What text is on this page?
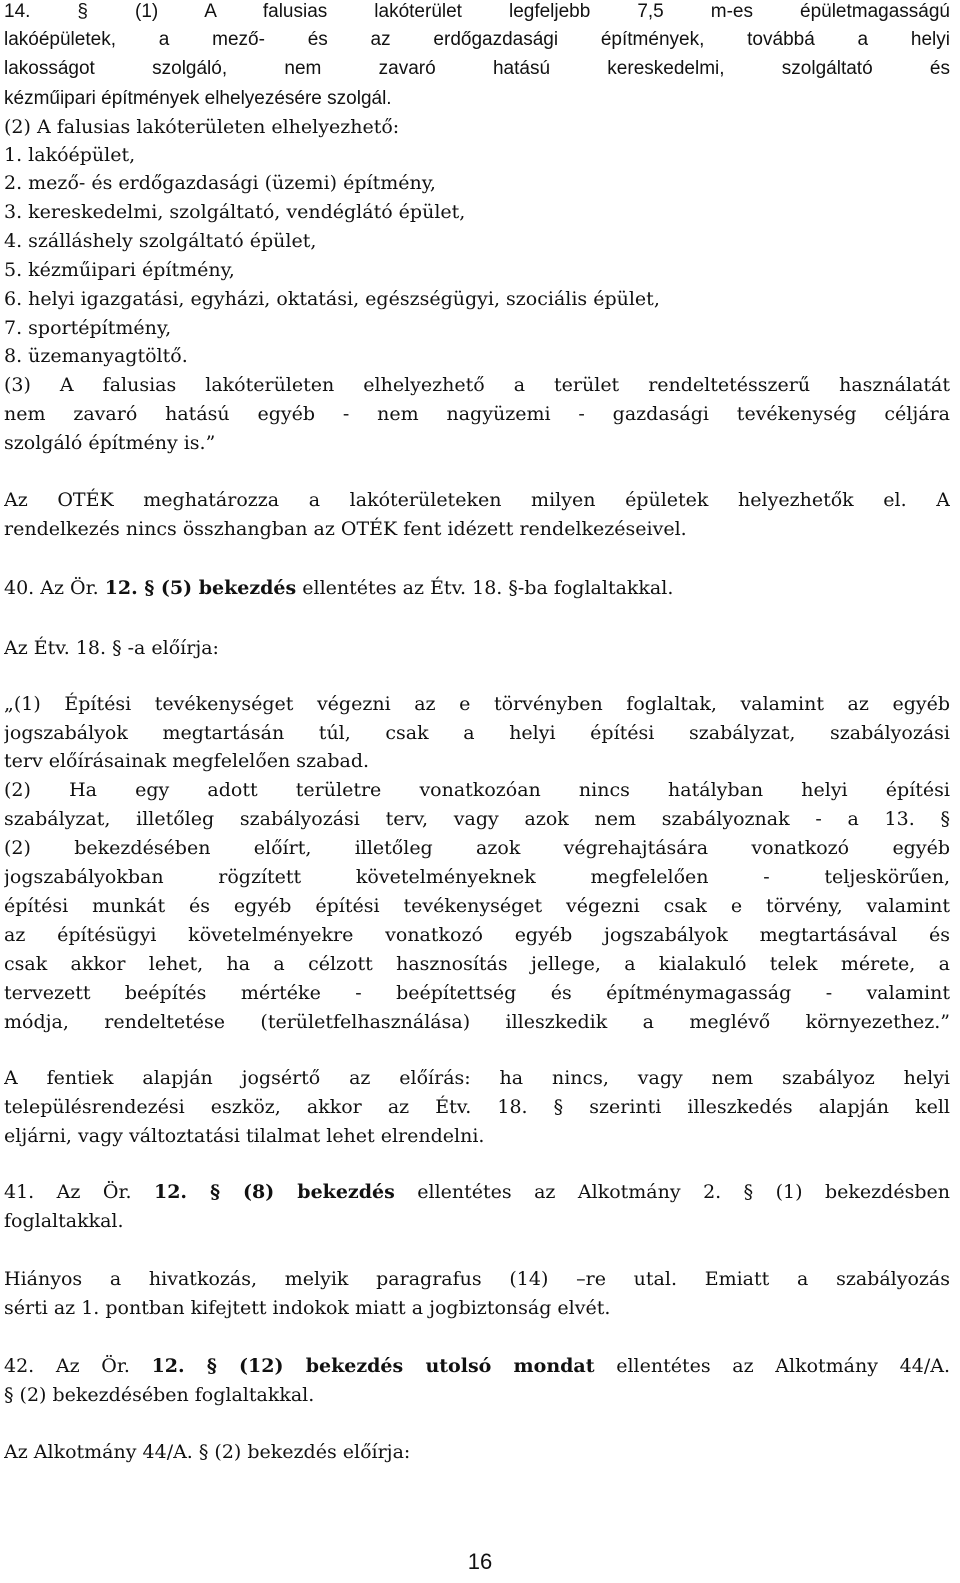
14. § (1) A falusias lakóterület legfeljebb 7,5 m-es épületmagasságú
lakóépületek, a mező- és az erdőgazdasági építmények, továbbá a helyi
lakosságot szolgáló, nem zavaró hatású kereskedelmi, szolgáltató és
kézműipari építmények elhelyezésére szolgál.
(2) A falusias lakóterületen elhelyezhető:
1. lakóépület,
2. mező- és erdőgazdasági (üzemi) építmény,
3. kereskedelmi, szolgáltató, vendéglátó épület,
4. szálláshely szolgáltató épület,
5. kézműipari építmény,
6. helyi igazgatási, egyházi, oktatási, egészségügyi, szociális épület,
7. sportépítmény,
8. üzemanyagtöltő.
(3) A falusias lakóterületen elhelyezhető a terület rendeltetésszerű használatát
nem zavaró hatású egyéb - nem nagyüzemi - gazdasági tevékenység céljára
szolgáló építmény is.”
Az OTÉK meghatározza a lakóterületeken milyen épületek helyezhetők el. A
rendelkezés nincs összhangban az OTÉK fent idézett rendelkezéseivel.
40. Az Ör. 12. § (5) bekezdés ellentétes az Étv. 18. §-ba foglaltakkal.
Az Étv. 18. § -a előírja:
„(1) Építési tevékenységet végezni az e törvényben foglaltak, valamint az egyéb
jogszabályok megtartásán túl, csak a helyi építési szabályzat, szabályozási
terv előírásainak megfelelően szabad.
(2) Ha egy adott területre vonatkozóan nincs hatályban helyi építési
szabályzat, illetőleg szabályozási terv, vagy azok nem szabályoznak - a 13. §
(2) bekezdésében előírt, illetőleg azok végrehajtására vonatkozó egyéb
jogszabályokban rögzített követelményeknek megfelelően - teljeskörűen,
építési munkát és egyéb építési tevékenységet végezni csak e törvény, valamint
az építésügyi követelményekre vonatkozó egyéb jogszabályok megtartásával és
csak akkor lehet, ha a célzott hasznosítás jellege, a kialakuló telek mérete, a
tervezett beépítés mértéke - beépítettség és építménymagasság - valamint
módja, rendeltetése (területfelhasználása) illeszkedik a meglévő környezethez.”
A fentiek alapján jogsértő az előírás: ha nincs, vagy nem szabályoz helyi
településrendezési eszköz, akkor az Étv. 18. § szerinti illeszkedés alapján kell
eljárni, vagy változtatási tilalmat lehet elrendelni.
41. Az Ör. 12. § (8) bekezdés ellentétes az Alkotmány 2. § (1) bekezdésben
foglaltakkal.
Hiányos a hivatkozás, melyik paragrafus (14) –re utal. Emiatt a szabályozás
sérti az 1. pontban kifejtett indokok miatt a jogbiztonság elvét.
42. Az Ör. 12. § (12) bekezdés utolsó mondat ellentétes az Alkotmány 44/A.
§ (2) bekezdésében foglaltakkal.
Az Alkotmány 44/A. § (2) bekezdés előírja:
16
